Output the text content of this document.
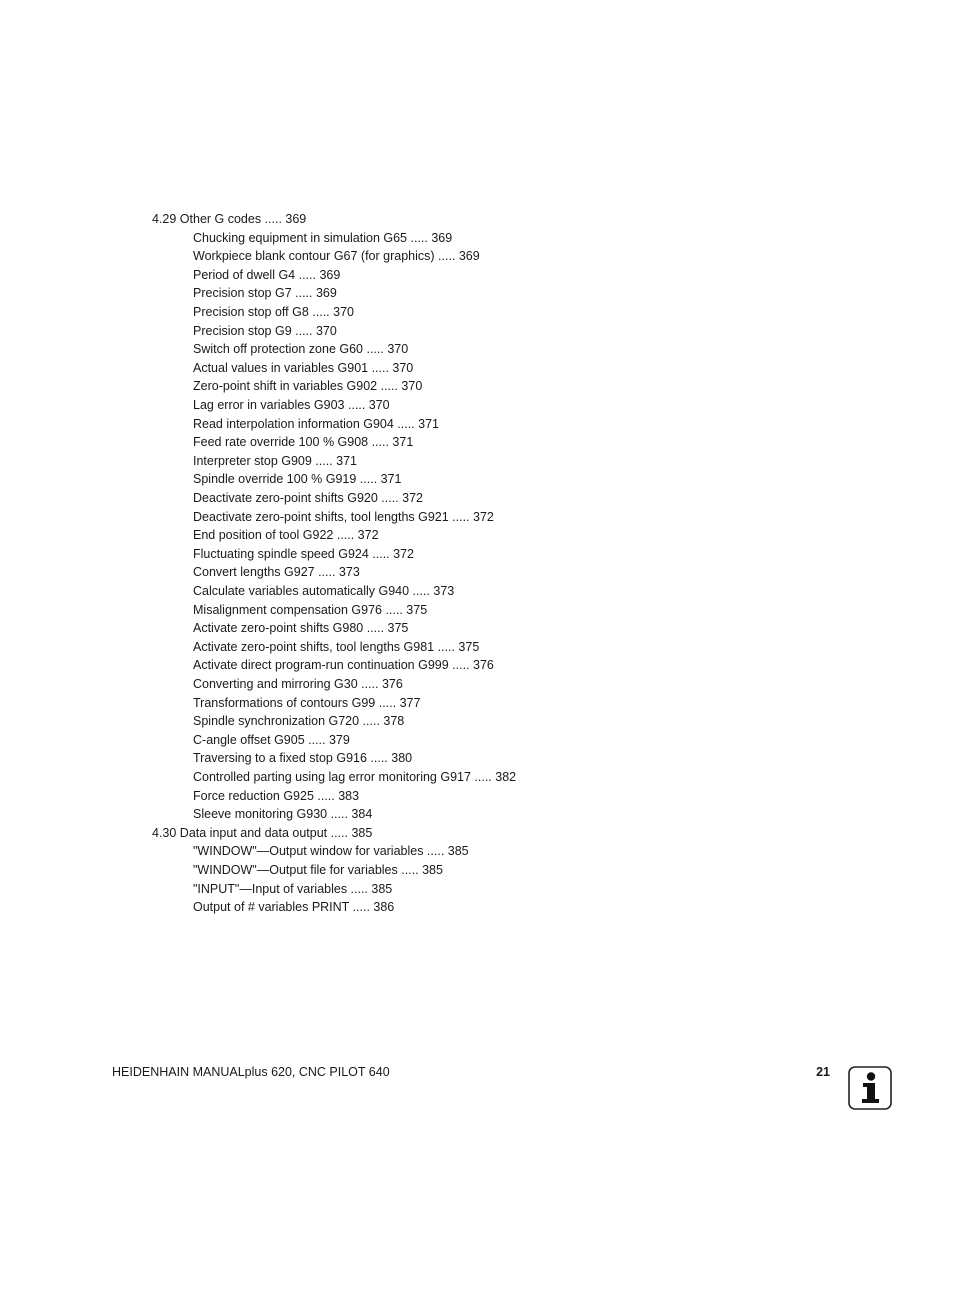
4.29 Other G codes ..... 369
Chucking equipment in simulation G65 ..... 369
Workpiece blank contour G67 (for graphics) ..... 369
Period of dwell G4 ..... 369
Precision stop G7 ..... 369
Precision stop off G8 ..... 370
Precision stop G9 ..... 370
Switch off protection zone G60 ..... 370
Actual values in variables G901 ..... 370
Zero-point shift in variables G902 ..... 370
Lag error in variables G903 ..... 370
Read interpolation information G904 ..... 371
Feed rate override 100 % G908 ..... 371
Interpreter stop G909 ..... 371
Spindle override 100 % G919 ..... 371
Deactivate zero-point shifts G920 ..... 372
Deactivate zero-point shifts, tool lengths G921 ..... 372
End position of tool G922 ..... 372
Fluctuating spindle speed G924 ..... 372
Convert lengths G927 ..... 373
Calculate variables automatically G940 ..... 373
Misalignment compensation G976 ..... 375
Activate zero-point shifts G980 ..... 375
Activate zero-point shifts, tool lengths G981 ..... 375
Activate direct program-run continuation G999 ..... 376
Converting and mirroring G30 ..... 376
Transformations of contours G99 ..... 377
Spindle synchronization G720 ..... 378
C-angle offset G905 ..... 379
Traversing to a fixed stop G916 ..... 380
Controlled parting using lag error monitoring G917 ..... 382
Force reduction G925 ..... 383
Sleeve monitoring G930 ..... 384
4.30 Data input and data output ..... 385
"WINDOW"—Output window for variables ..... 385
"WINDOW"—Output file for variables ..... 385
"INPUT"—Input of variables ..... 385
Output of # variables PRINT ..... 386
HEIDENHAIN MANUALplus 620, CNC PILOT 640	21
